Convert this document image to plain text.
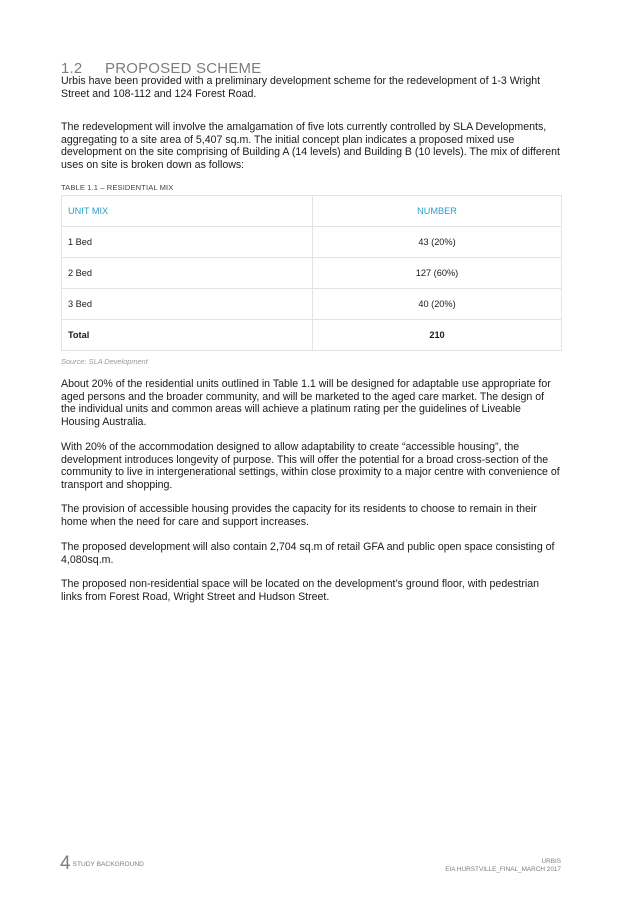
1.2 PROPOSED SCHEME

Urbis have been provided with a preliminary development scheme for the redevelopment of 1-3 Wright Street and 108-112 and 124 Forest Road.

The redevelopment will involve the amalgamation of five lots currently controlled by SLA Developments, aggregating to a site area of 5,407 sq.m. The initial concept plan indicates a proposed mixed use development on the site comprising of Building A (14 levels) and Building B (10 levels). The mix of different uses on site is broken down as follows:

TABLE 1.1 – RESIDENTIAL MIX
UNIT MIX	NUMBER
1 Bed	43 (20%)
2 Bed	127 (60%)
3 Bed	40 (20%)
Total	210
Source: SLA Development

About 20% of the residential units outlined in Table 1.1 will be designed for adaptable use appropriate for aged persons and the broader community, and will be marketed to the aged care market. The design of the individual units and common areas will achieve a platinum rating per the guidelines of Liveable Housing Australia.

With 20% of the accommodation designed to allow adaptability to create “accessible housing”, the development introduces longevity of purpose. This will offer the potential for a broad cross-section of the community to live in intergenerational settings, within close proximity to a major centre with convenience of transport and shopping.

The provision of accessible housing provides the capacity for its residents to choose to remain in their home when the need for care and support increases.

The proposed development will also contain 2,704 sq.m of retail GFA and public open space consisting of 4,080sq.m.

The proposed non-residential space will be located on the development’s ground floor, with pedestrian links from Forest Road, Wright Street and Hudson Street.

4 STUDY BACKGROUND	URBIS
EIA HURSTVILLE_FINAL_MARCH 2017
